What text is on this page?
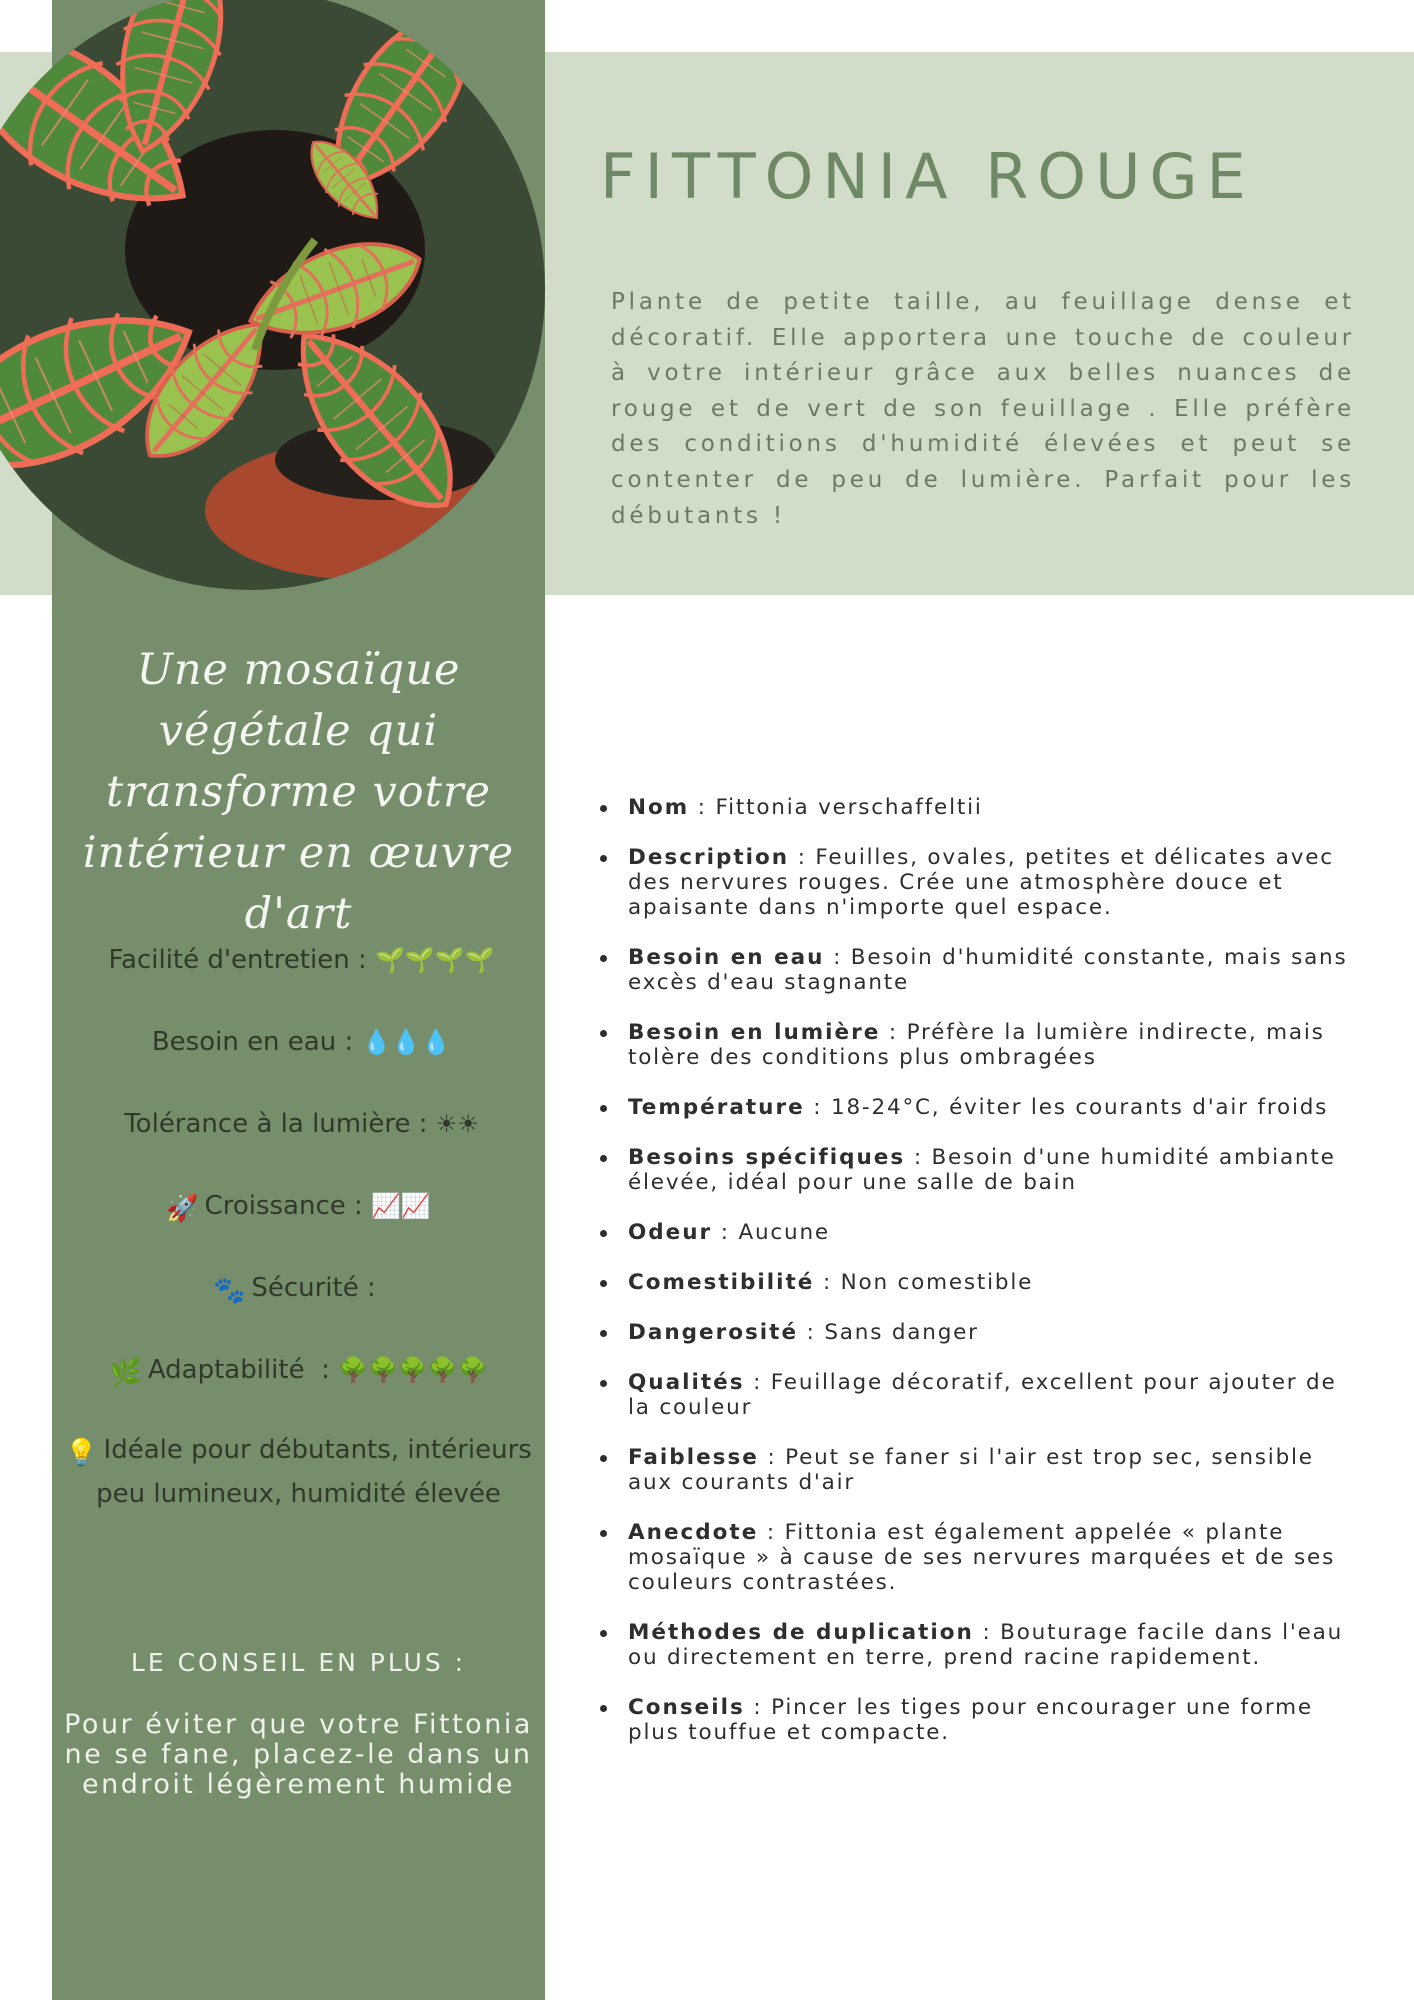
FITTONIA ROUGE

Plante de petite taille, au feuillage dense et décoratif. Elle apportera une touche de couleur à votre intérieur grâce aux belles nuances de rouge et de vert de son feuillage . Elle préfère des conditions d'humidité élevées et peut se contenter de peu de lumière. Parfait pour les débutants !

Une mosaïque végétale qui transforme votre intérieur en œuvre d'art

Facilité d'entretien : 🌱🌱🌱🌱
Besoin en eau : 💧💧💧
Tolérance à la lumière : ☀☀
🚀 Croissance : 📈📈
🐾 Sécurité :
🌿 Adaptabilité  : 🌳🌳🌳🌳🌳

💡 Idéale pour débutants, intérieurs peu lumineux, humidité élevée

LE CONSEIL EN PLUS :

Pour éviter que votre Fittonia ne se fane, placez-le dans un endroit légèrement humide

Nom : Fittonia verschaffeltii
Description : Feuilles, ovales, petites et délicates avec des nervures rouges. Crée une atmosphère douce et apaisante dans n'importe quel espace.
Besoin en eau : Besoin d'humidité constante, mais sans excès d'eau stagnante
Besoin en lumière : Préfère la lumière indirecte, mais tolère des conditions plus ombragées
Température : 18-24°C, éviter les courants d'air froids
Besoins spécifiques : Besoin d'une humidité ambiante élevée, idéal pour une salle de bain
Odeur : Aucune
Comestibilité : Non comestible
Dangerosité : Sans danger
Qualités : Feuillage décoratif, excellent pour ajouter de la couleur
Faiblesse : Peut se faner si l'air est trop sec, sensible aux courants d'air
Anecdote : Fittonia est également appelée « plante mosaïque » à cause de ses nervures marquées et de ses couleurs contrastées.
Méthodes de duplication : Bouturage facile dans l'eau ou directement en terre, prend racine rapidement.
Conseils : Pincer les tiges pour encourager une forme plus touffue et compacte.
